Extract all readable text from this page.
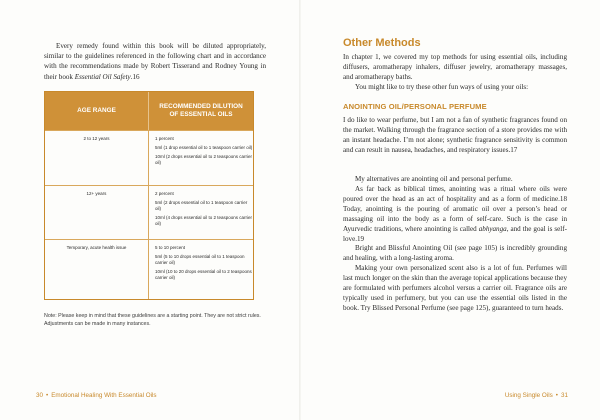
Every remedy found within this book will be diluted appropriately, similar to the guidelines referenced in the following chart and in accordance with the recommendations made by Robert Tisserand and Rodney Young in their book Essential Oil Safety.16

AGE RANGE
RECOMMENDED DILUTION OF ESSENTIAL OILS
2 to 12 years	1 percent

5ml (1 drop essential oil to 1 teaspoon carrier oil)

10ml (2 drops essential oil to 2 teaspoons carrier oil)

12+ years	2 percent

5ml (2 drops essential oil to 1 teaspoon carrier oil)

10ml (4 drops essential oil to 2 teaspoons carrier oil)

Temporary, acute health issue	5 to 10 percent

5ml (5 to 10 drops essential oil to 1 teaspoon carrier oil)

10ml (10 to 20 drops essential oil to 2 teaspoons carrier oil)

Note: Please keep in mind that these guidelines are a starting point. They are not strict rules. Adjustments can be made in many instances.

30 • Emotional Healing With Essential Oils
Other Methods

In chapter 1, we covered my top methods for using essential oils, including diffusers, aromatherapy inhalers, diffuser jewelry, aromatherapy massages, and aromatherapy baths.

You might like to try these other fun ways of using your oils:

ANOINTING OIL/PERSONAL PERFUME

I do like to wear perfume, but I am not a fan of synthetic fragrances found on the market. Walking through the fragrance section of a store provides me with an instant headache. I’m not alone; synthetic fragrance sensitivity is common and can result in nausea, headaches, and respiratory issues.17

My alternatives are anointing oil and personal perfume.

As far back as biblical times, anointing was a ritual where oils were poured over the head as an act of hospitality and as a form of medicine.18 Today, anointing is the pouring of aromatic oil over a person’s head or massaging oil into the body as a form of self-care. Such is the case in Ayurvedic traditions, where anointing is called abhyanga, and the goal is self-love.19

Bright and Blissful Anointing Oil (see page 105) is incredibly grounding and healing, with a long-lasting aroma.

Making your own personalized scent also is a lot of fun. Perfumes will last much longer on the skin than the average topical applications because they are formulated with perfumers alcohol versus a carrier oil. Fragrance oils are typically used in perfumery, but you can use the essential oils listed in the book. Try Blissed Personal Perfume (see page 125), guaranteed to turn heads.

Using Single Oils • 31
